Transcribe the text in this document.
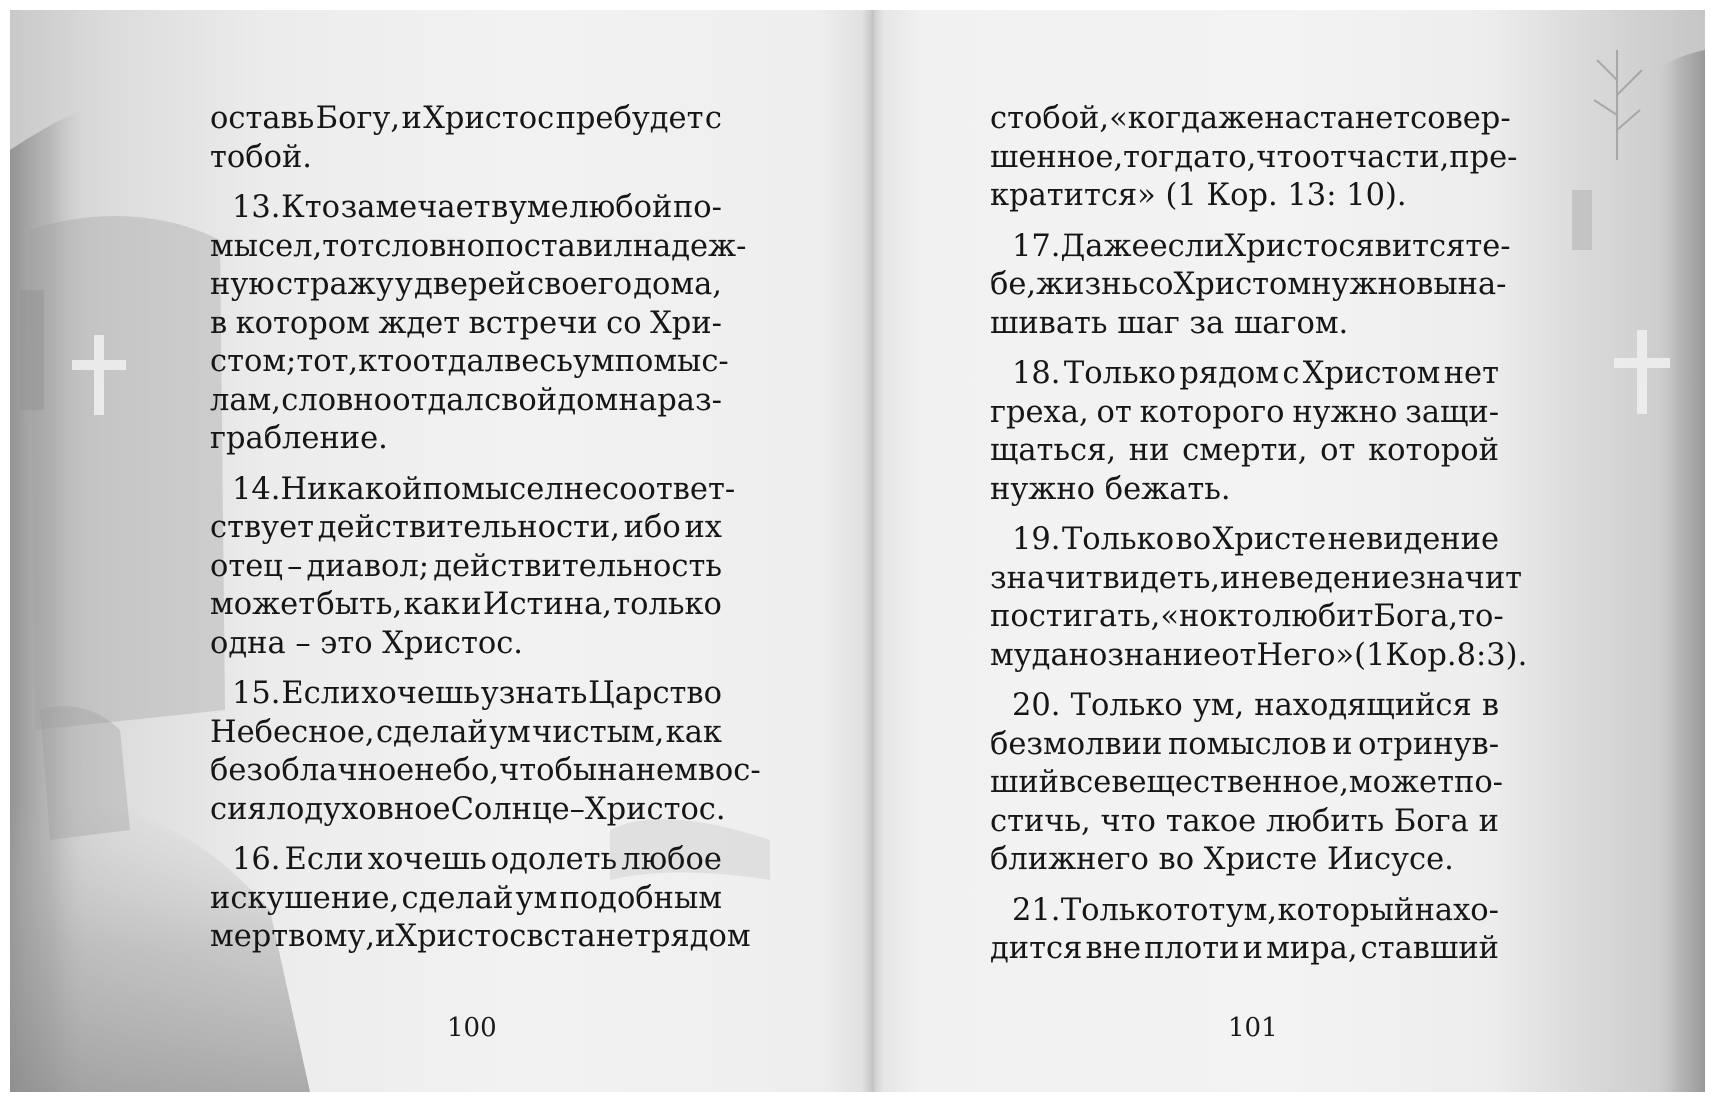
оставь Богу, и Христос пребудет с
тобой.
13. Кто замечает в уме любой по-
мысел, тот словно поставил надеж-
ную стражу у дверей своего дома,
в котором ждет встречи со Хри-
стом; тот, кто отдал весь ум помыс-
лам, словно отдал свой дом на раз-
грабление.
14. Никакой помысел не соответ-
ствует действительности, ибо их
отец – диавол; действительность
может быть, как и Истина, только
одна – это Христос.
15. Если хочешь узнать Царство
Небесное, сделай ум чистым, как
безоблачное небо, чтобы на нем вос-
сияло духовное Солнце – Христос.
16. Если хочешь одолеть любое
искушение, сделай ум подобным
мертвому, и Христос встанет рядом
100
с тобой, «когда же настанет совер-
шенное, тогда то, что отчасти, пре-
кратится» (1 Кор. 13: 10).
17. Даже если Христос явится те-
бе, жизнь со Христом нужно вына-
шивать шаг за шагом.
18. Только рядом с Христом нет
греха, от которого нужно защи-
щаться, ни смерти, от которой
нужно бежать.
19. Только во Христе невидение
значит видеть, и неведение значит
постигать, «но кто любит Бога, то-
му дано знание от Него» (1 Кор. 8: 3).
20. Только ум, находящийся в
безмолвии помыслов и отринув-
ший все вещественное, может по-
стичь, что такое любить Бога и
ближнего во Христе Иисусе.
21. Только тот ум, который нахо-
дится вне плоти и мира, ставший
101
